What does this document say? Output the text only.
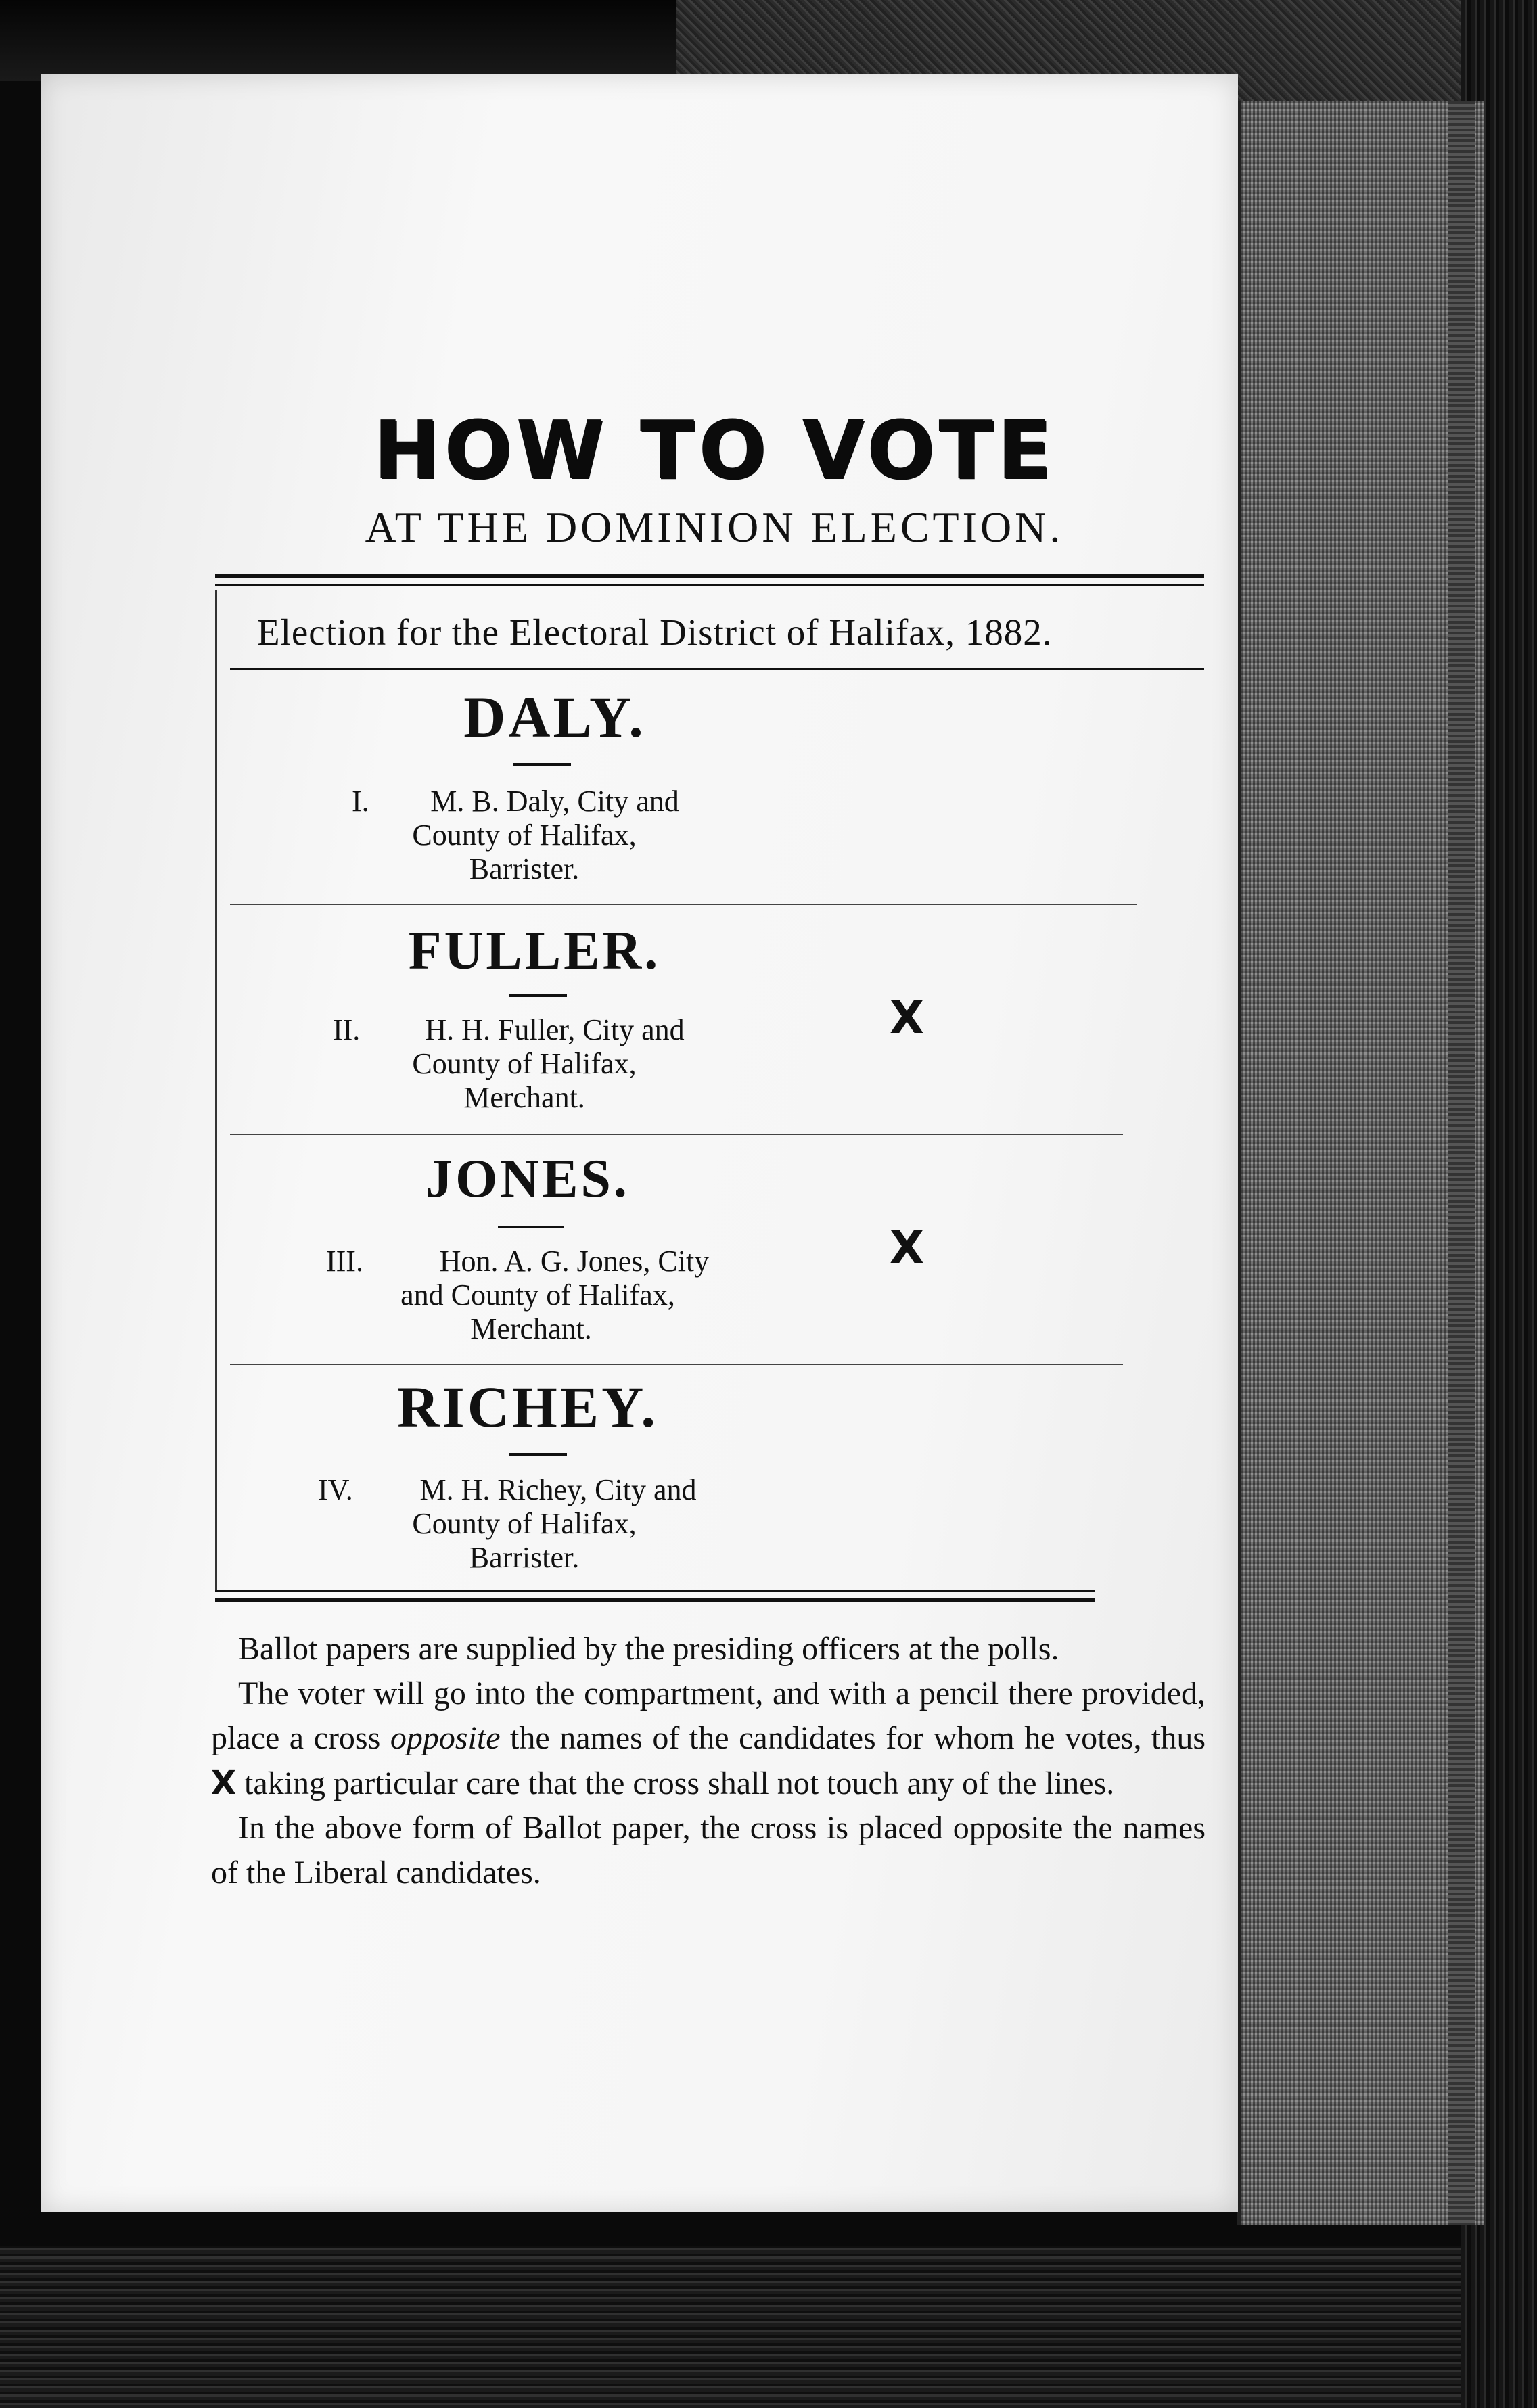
HOW TO VOTE
AT THE DOMINION ELECTION.
Election for the Electoral District of Halifax, 1882.
DALY.
I.	M. B. Daly, City and
County of Halifax,
Barrister.
FULLER.
II.	H. H. Fuller, City and
County of Halifax,
Merchant.
X
JONES.
III.	Hon. A. G. Jones, City
and County of Halifax,
Merchant.
X
RICHEY.
IV.	M. H. Richey, City and
County of Halifax,
Barrister.

Ballot papers are supplied by the presiding officers at the polls.

The voter will go into the compartment, and with a pencil there provided, place a cross opposite the names of the candidates for whom he votes, thus X taking particular care that the cross shall not touch any of the lines.

In the above form of Ballot paper, the cross is placed opposite the names of the Liberal candidates.
